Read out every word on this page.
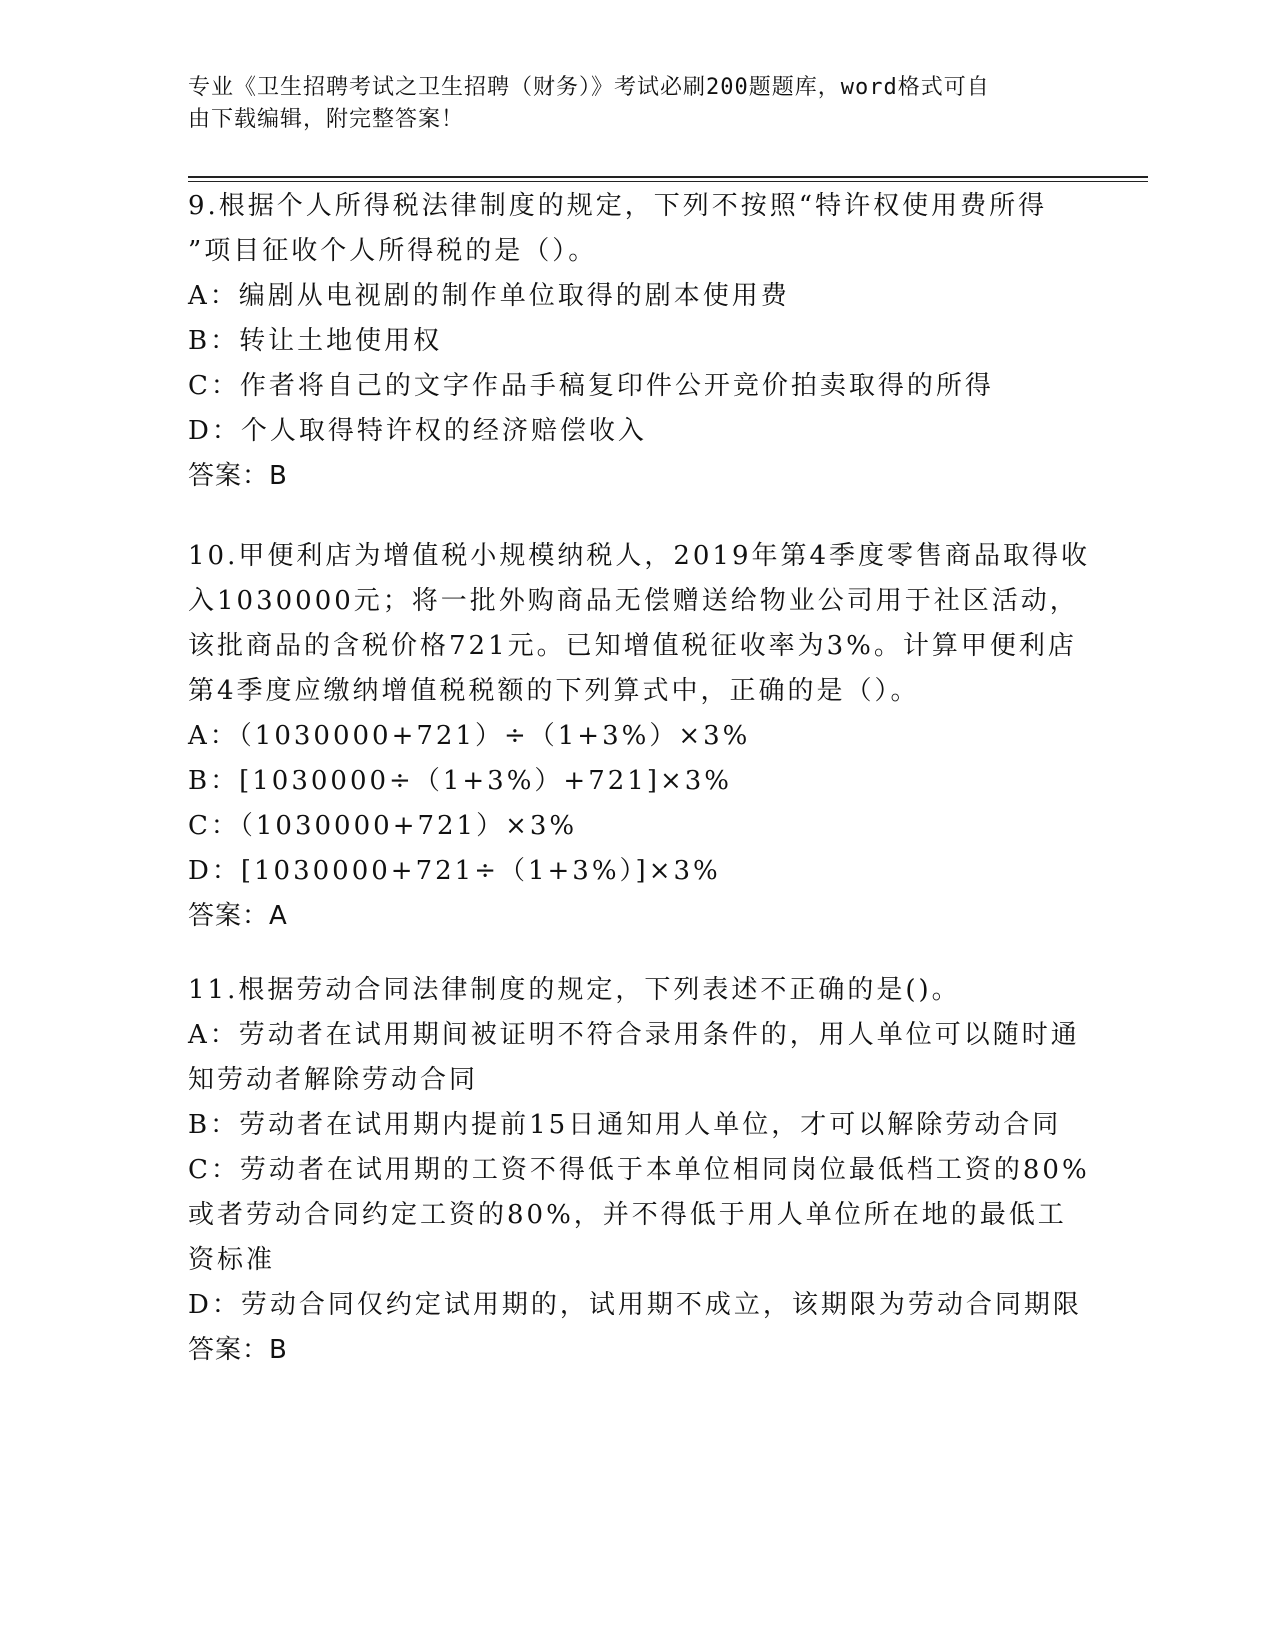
专业《卫生招聘考试之卫生招聘（财务）》考试必刷200题题库，word格式可自
由下载编辑，附完整答案！
9.根据个人所得税法律制度的规定，下列不按照“特许权使用费所得
”项目征收个人所得税的是（）。
A：编剧从电视剧的制作单位取得的剧本使用费
B：转让土地使用权
C：作者将自己的文字作品手稿复印件公开竞价拍卖取得的所得
D：个人取得特许权的经济赔偿收入
答案：B
10.甲便利店为增值税小规模纳税人，2019年第4季度零售商品取得收
入1030000元；将一批外购商品无偿赠送给物业公司用于社区活动，
该批商品的含税价格721元。已知增值税征收率为3%。计算甲便利店
第4季度应缴纳增值税税额的下列算式中，正确的是（）。
A：（1030000+721）÷（1+3%）×3%
B：[1030000÷（1+3%）+721]×3%
C：（1030000+721）×3%
D：[1030000+721÷（1+3%）]×3%
答案：A
11.根据劳动合同法律制度的规定，下列表述不正确的是()。
A：劳动者在试用期间被证明不符合录用条件的，用人单位可以随时通
知劳动者解除劳动合同
B：劳动者在试用期内提前15日通知用人单位，才可以解除劳动合同
C：劳动者在试用期的工资不得低于本单位相同岗位最低档工资的80%
或者劳动合同约定工资的80%，并不得低于用人单位所在地的最低工
资标准
D：劳动合同仅约定试用期的，试用期不成立，该期限为劳动合同期限
答案：B
